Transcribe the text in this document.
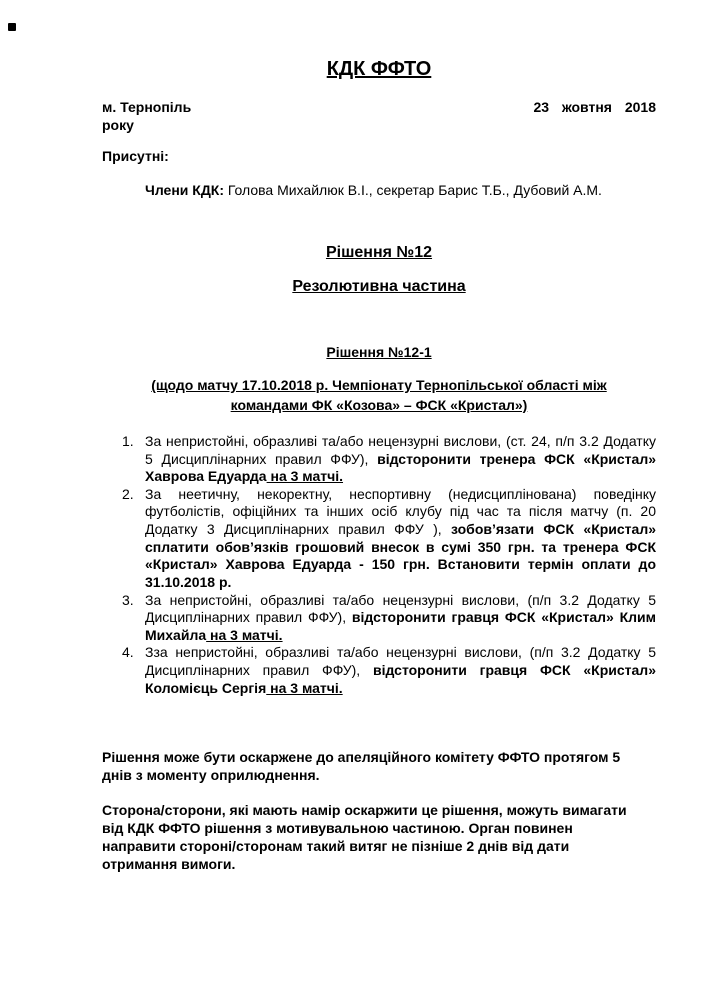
КДК ФФТО
м. Тернопіль	23 жовтня 2018
року

Присутні:

Члени КДК: Голова Михайлюк В.І., секретар Барис Т.Б., Дубовий А.М.

Рішення №12
Резолютивна частина
Рішення №12-1

(щодо матчу 17.10.2018 р. Чемпіонату Тернопільської області між командами ФК «Козова» – ФСК «Кристал»)

1. За непристойні, образливі та/або нецензурні вислови, (ст. 24, п/п 3.2 Додатку 5 Дисциплінарних правил ФФУ), відсторонити тренера ФСК «Кристал» Хаврова Едуарда на 3 матчі.
2. За неетичну, некоректну, неспортивну (недисциплінована) поведінку футболістів, офіційних та інших осіб клубу під час та після матчу (п. 20 Додатку 3 Дисциплінарних правил ФФУ ), зобов’язати ФСК «Кристал» сплатити обов’язків грошовий внесок в сумі 350 грн. та тренера ФСК «Кристал» Хаврова Едуарда - 150 грн. Встановити термін оплати до 31.10.2018 р.
3. За непристойні, образливі та/або нецензурні вислови, (п/п 3.2 Додатку 5 Дисциплінарних правил ФФУ), відсторонити гравця ФСК «Кристал» Клим Михайла на 3 матчі.
4. Зза непристойні, образливі та/або нецензурні вислови, (п/п 3.2 Додатку 5 Дисциплінарних правил ФФУ), відсторонити гравця ФСК «Кристал» Коломієць Сергія на 3 матчі.

Рішення може бути оскаржене до апеляційного комітету ФФТО протягом 5 днів з моменту оприлюднення.

Сторона/сторони, які мають намір оскаржити це рішення, можуть вимагати від КДК ФФТО рішення з мотивувальною частиною. Орган повинен направити стороні/сторонам такий витяг не пізніше 2 днів від дати отримання вимоги.
